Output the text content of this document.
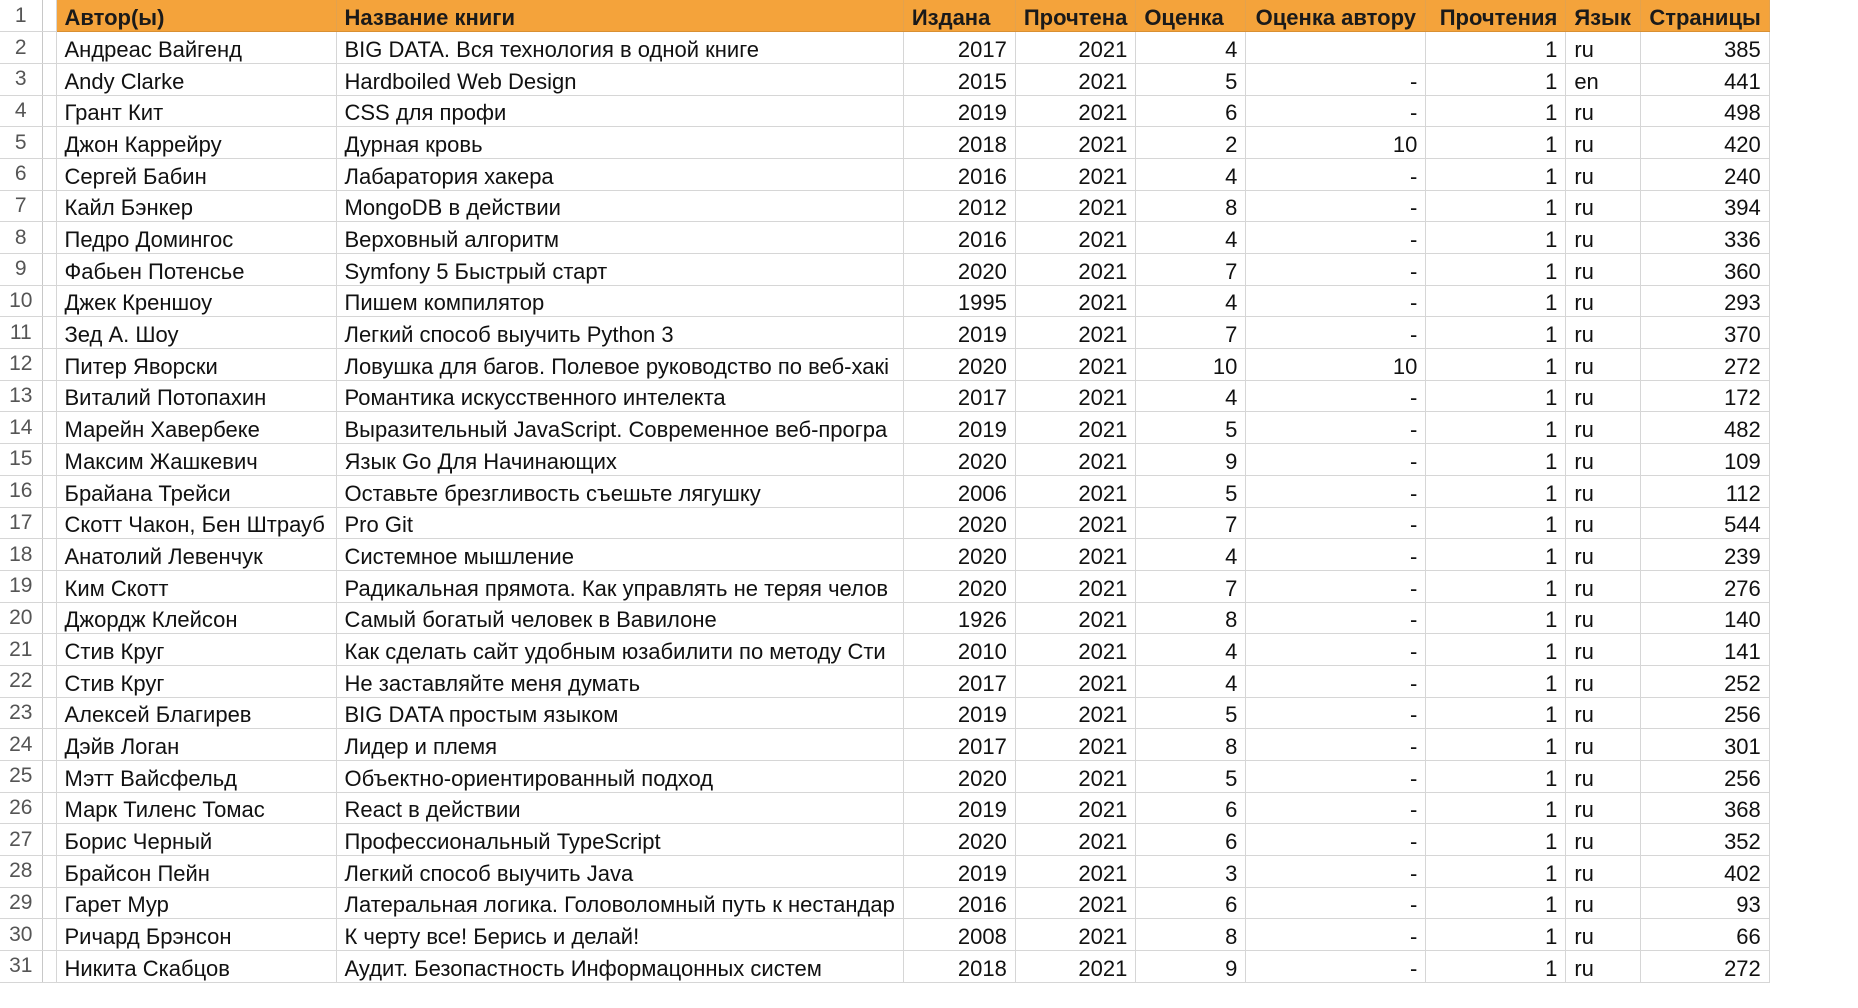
1		Автор(ы)	Название книги	Издана	Прочтена	Оценка	Оценка автору	Прочтения	Язык	Страницы
2		Андреас Вайгенд	BIG DATA. Вся технология в одной книге	2017	2021	4		1	ru	385
3		Andy Clarke	Hardboiled Web Design	2015	2021	5	-	1	en	441
4		Грант Кит	CSS для профи	2019	2021	6	-	1	ru	498
5		Джон Каррейру	Дурная кровь	2018	2021	2	10	1	ru	420
6		Сергей Бабин	Лабаратория хакера	2016	2021	4	-	1	ru	240
7		Кайл Бэнкер	MongoDB в действии	2012	2021	8	-	1	ru	394
8		Педро Домингос	Верховный алгоритм	2016	2021	4	-	1	ru	336
9		Фабьен Потенсье	Symfony 5 Быстрый старт	2020	2021	7	-	1	ru	360
10		Джек Креншоу	Пишем компилятор	1995	2021	4	-	1	ru	293
11		Зед А. Шоу	Легкий способ выучить Python 3	2019	2021	7	-	1	ru	370
12		Питер Яворски	Ловушка для багов. Полевое руководство по веб-хакі	2020	2021	10	10	1	ru	272
13		Виталий Потопахин	Романтика искусственного интелекта	2017	2021	4	-	1	ru	172
14		Марейн Хавербеке	Выразительный JavaScript. Современное веб-програ	2019	2021	5	-	1	ru	482
15		Максим Жашкевич	Язык Go Для Начинающих	2020	2021	9	-	1	ru	109
16		Брайана Трейси	Оставьте брезгливость съешьте лягушку	2006	2021	5	-	1	ru	112
17		Скотт Чакон, Бен Штрауб	Pro Git	2020	2021	7	-	1	ru	544
18		Анатолий Левенчук	Системное мышление	2020	2021	4	-	1	ru	239
19		Ким Скотт	Радикальная прямота. Как управлять не теряя челов	2020	2021	7	-	1	ru	276
20		Джордж Клейсон	Самый богатый человек в Вавилоне	1926	2021	8	-	1	ru	140
21		Стив Круг	Как сделать сайт удобным юзабилити по методу Сти	2010	2021	4	-	1	ru	141
22		Стив Круг	Не заставляйте меня думать	2017	2021	4	-	1	ru	252
23		Алексей Благирев	BIG DATA простым языком	2019	2021	5	-	1	ru	256
24		Дэйв Логан	Лидер и племя	2017	2021	8	-	1	ru	301
25		Мэтт Вайсфельд	Объектно-ориентированный подход	2020	2021	5	-	1	ru	256
26		Марк Тиленс Томас	React в действии	2019	2021	6	-	1	ru	368
27		Борис Черный	Профессиональный TypeScript	2020	2021	6	-	1	ru	352
28		Брайсон Пейн	Легкий способ выучить Java	2019	2021	3	-	1	ru	402
29		Гарет Мур	Латеральная логика. Головоломный путь к нестандар	2016	2021	6	-	1	ru	93
30		Ричард Брэнсон	К черту все! Берись и делай!	2008	2021	8	-	1	ru	66
31		Никита Скабцов	Аудит. Безопастность Информацонных систем	2018	2021	9	-	1	ru	272
